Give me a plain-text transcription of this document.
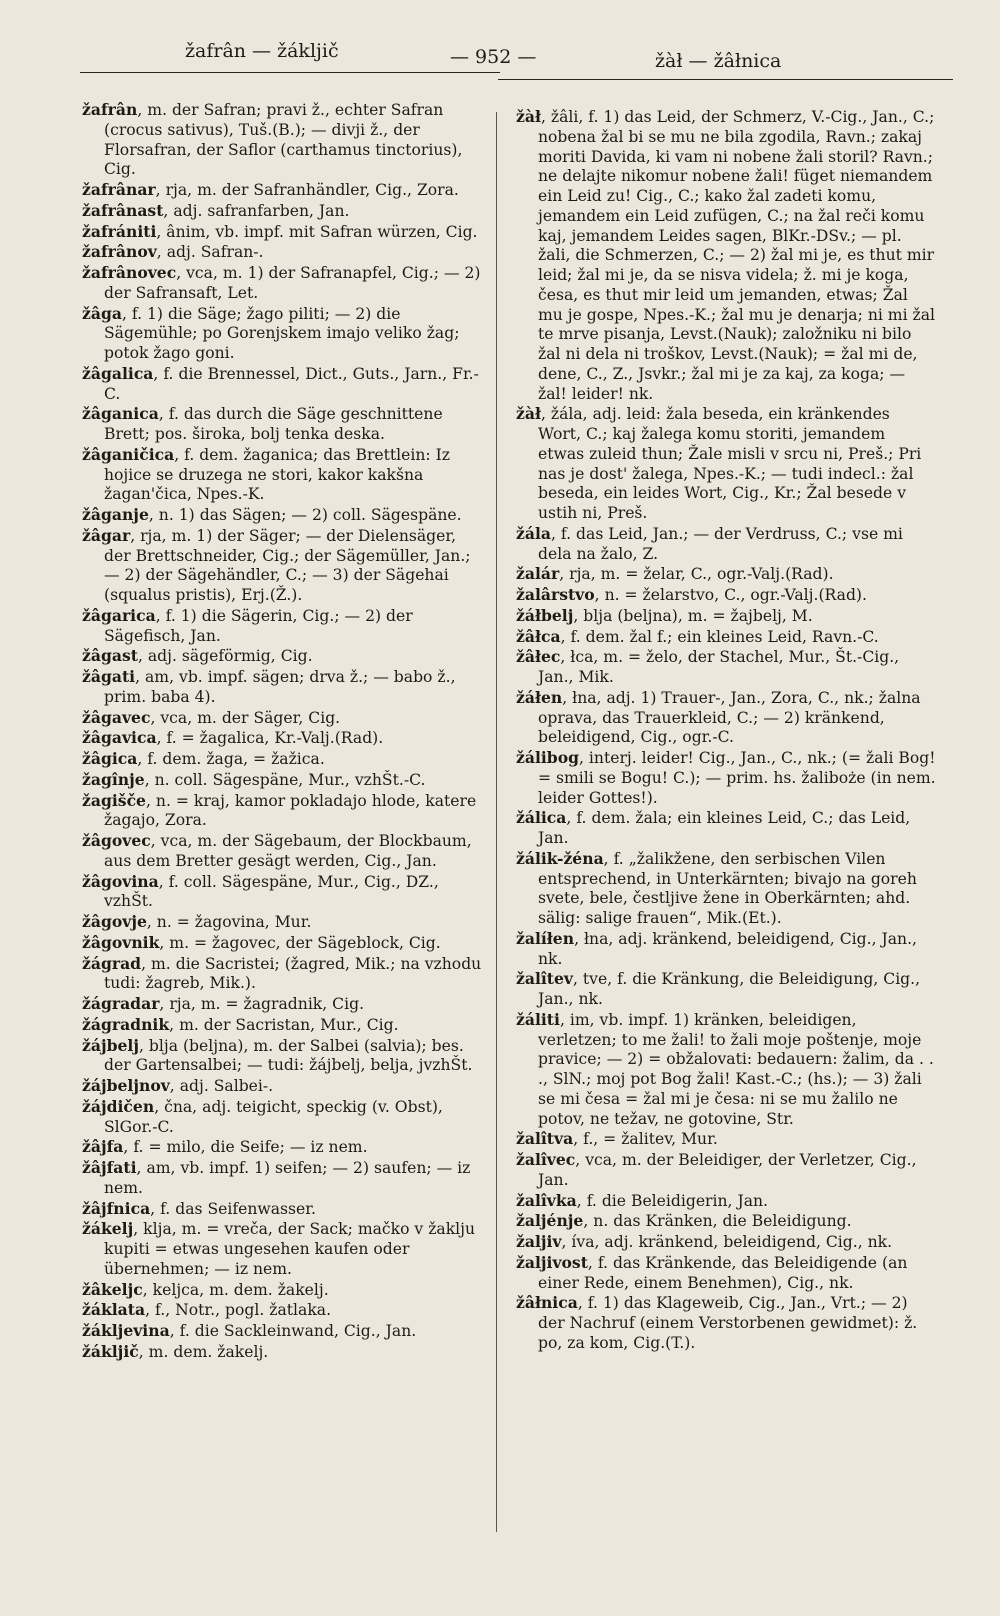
žafrân — žákljič	— 952 —	žàł — žâłnica

žafrân, m. der Safran; pravi ž., echter Safran (crocus sativus), Tuš.(B.); — divji ž., der Florsafran, der Saflor (carthamus tinctorius), Cig.

žafrânar, rja, m. der Safranhändler, Cig., Zora.

žafrânast, adj. safranfarben, Jan.

žafrániti, ânim, vb. impf. mit Safran würzen, Cig.

žafrânov, adj. Safran-.

žafrânovec, vca, m. 1) der Safranapfel, Cig.; — 2) der Safransaft, Let.

žâga, f. 1) die Säge; žago piliti; — 2) die Sägemühle; po Gorenjskem imajo veliko žag; potok žago goni.

žâgalica, f. die Brennessel, Dict., Guts., Jarn., Fr.-C.

žâganica, f. das durch die Säge geschnittene Brett; pos. široka, bolj tenka deska.

žâganičica, f. dem. žaganica; das Brettlein: Iz hojice se druzega ne stori, kakor kakšna žagan'čica, Npes.-K.

žâganje, n. 1) das Sägen; — 2) coll. Sägespäne.

žâgar, rja, m. 1) der Säger; — der Dielensäger, der Brettschneider, Cig.; der Sägemüller, Jan.; — 2) der Sägehändler, C.; — 3) der Sägehai (squalus pristis), Erj.(Ž.).

žâgarica, f. 1) die Sägerin, Cig.; — 2) der Sägefisch, Jan.

žâgast, adj. sägeförmig, Cig.

žâgati, am, vb. impf. sägen; drva ž.; — babo ž., prim. baba 4).

žâgavec, vca, m. der Säger, Cig.

žâgavica, f. = žagalica, Kr.-Valj.(Rad).

žâgica, f. dem. žaga, = žažica.

žagînje, n. coll. Sägespäne, Mur., vzhŠt.-C.

žagišče, n. = kraj, kamor pokladajo hlode, katere žagajo, Zora.

žâgovec, vca, m. der Sägebaum, der Blockbaum, aus dem Bretter gesägt werden, Cig., Jan.

žâgovina, f. coll. Sägespäne, Mur., Cig., DZ., vzhŠt.

žâgovje, n. = žagovina, Mur.

žâgovnik, m. = žagovec, der Sägeblock, Cig.

žágrad, m. die Sacristei; (žagred, Mik.; na vzhodu tudi: žagreb, Mik.).

žágradar, rja, m. = žagradnik, Cig.

žágradnik, m. der Sacristan, Mur., Cig.

žájbelj, blja (beljna), m. der Salbei (salvia); bes. der Gartensalbei; — tudi: žájbelj, belja, jvzhŠt.

žájbeljnov, adj. Salbei-.

žájdičen, čna, adj. teigicht, speckig (v. Obst), SlGor.-C.

žâjfa, f. = milo, die Seife; — iz nem.

žâjfati, am, vb. impf. 1) seifen; — 2) saufen; — iz nem.

žâjfnica, f. das Seifenwasser.

žákelj, klja, m. = vreča, der Sack; mačko v žaklju kupiti = etwas ungesehen kaufen oder übernehmen; — iz nem.

žâkeljc, keljca, m. dem. žakelj.

žáklata, f., Notr., pogl. žatlaka.

žákljevina, f. die Sackleinwand, Cig., Jan.

žákljič, m. dem. žakelj.

žàł, žâli, f. 1) das Leid, der Schmerz, V.-Cig., Jan., C.; nobena žal bi se mu ne bila zgodila, Ravn.; zakaj moriti Davida, ki vam ni nobene žali storil? Ravn.; ne delajte nikomur nobene žali! füget niemandem ein Leid zu! Cig., C.; kako žal zadeti komu, jemandem ein Leid zufügen, C.; na žal reči komu kaj, jemandem Leides sagen, BlKr.-DSv.; — pl. žali, die Schmerzen, C.; — 2) žal mi je, es thut mir leid; žal mi je, da se nisva videla; ž. mi je koga, česa, es thut mir leid um jemanden, etwas; Žal mu je gospe, Npes.-K.; žal mu je denarja; ni mi žal te mrve pisanja, Levst.(Nauk); založniku ni bilo žal ni dela ni troškov, Levst.(Nauk); = žal mi de, dene, C., Z., Jsvkr.; žal mi je za kaj, za koga; — žal! leider! nk.

žàł, žála, adj. leid: žala beseda, ein kränkendes Wort, C.; kaj žalega komu storiti, jemandem etwas zuleid thun; Žale misli v srcu ni, Preš.; Pri nas je dost' žalega, Npes.-K.; — tudi indecl.: žal beseda, ein leides Wort, Cig., Kr.; Žal besede v ustih ni, Preš.

žála, f. das Leid, Jan.; — der Verdruss, C.; vse mi dela na žalo, Z.

žalár, rja, m. = želar, C., ogr.-Valj.(Rad).

žalârstvo, n. = želarstvo, C., ogr.-Valj.(Rad).

žáłbelj, blja (beljna), m. = žajbelj, M.

žâłca, f. dem. žal f.; ein kleines Leid, Ravn.-C.

žâłec, łca, m. = želo, der Stachel, Mur., Št.-Cig., Jan., Mik.

žáłen, łna, adj. 1) Trauer-, Jan., Zora, C., nk.; žalna oprava, das Trauerkleid, C.; — 2) kränkend, beleidigend, Cig., ogr.-C.

žálibog, interj. leider! Cig., Jan., C., nk.; (= žali Bog! = smili se Bogu! C.); — prim. hs. žaliboże (in nem. leider Gottes!).

žálica, f. dem. žala; ein kleines Leid, C.; das Leid, Jan.

žálik-žéna, f. „žalikžene, den serbischen Vilen entsprechend, in Unterkärnten; bivajo na goreh svete, bele, čestljive žene in Oberkärnten; ahd. sälig: salige frauen“, Mik.(Et.).

žalíłen, łna, adj. kränkend, beleidigend, Cig., Jan., nk.

žalîtev, tve, f. die Kränkung, die Beleidigung, Cig., Jan., nk.

žáliti, im, vb. impf. 1) kränken, beleidigen, verletzen; to me žali! to žali moje poštenje, moje pravice; — 2) = obžalovati: bedauern: žalim, da . . ., SlN.; moj pot Bog žali! Kast.-C.; (hs.); — 3) žali se mi česa = žal mi je česa: ni se mu žalilo ne potov, ne težav, ne gotovine, Str.

žalîtva, f., = žalitev, Mur.

žalîvec, vca, m. der Beleidiger, der Verletzer, Cig., Jan.

žalîvka, f. die Beleidigerin, Jan.

žaljénje, n. das Kränken, die Beleidigung.

žaljiv, íva, adj. kränkend, beleidigend, Cig., nk.

žaljivost, f. das Kränkende, das Beleidigende (an einer Rede, einem Benehmen), Cig., nk.

žâłnica, f. 1) das Klageweib, Cig., Jan., Vrt.; — 2) der Nachruf (einem Verstorbenen gewidmet): ž. po, za kom, Cig.(T.).
